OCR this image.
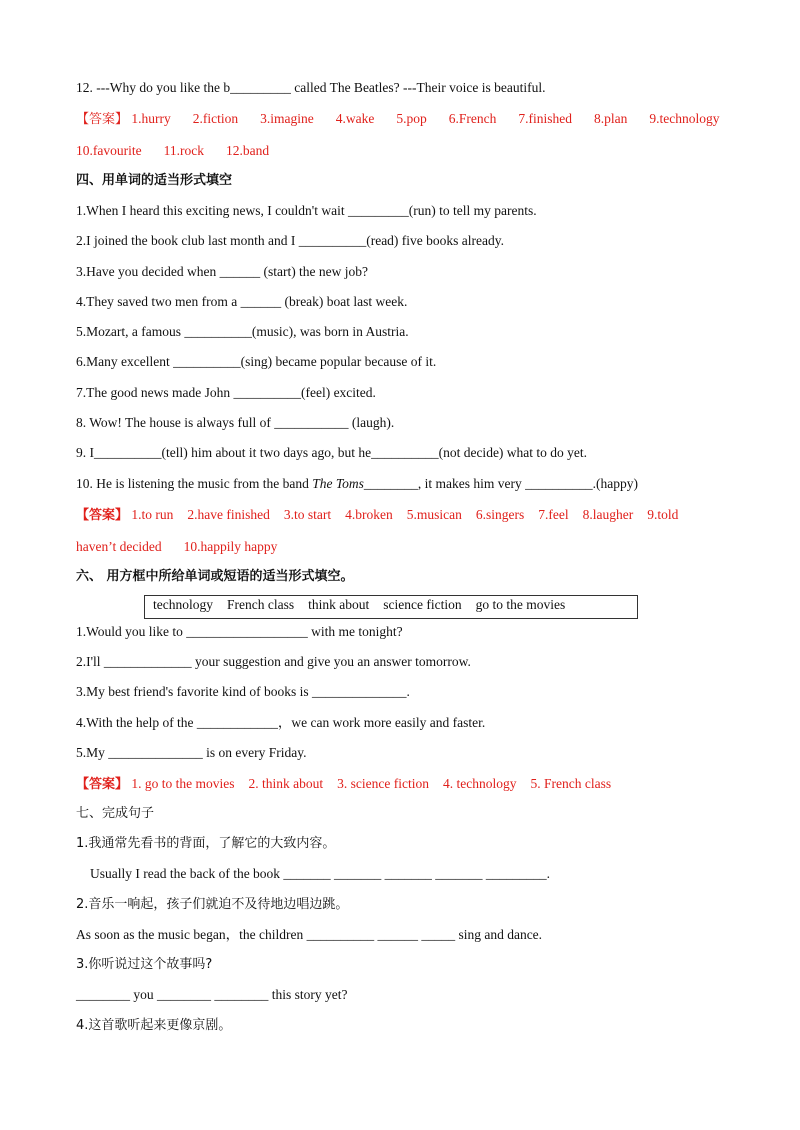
12. ---Why do you like the b_________ called The Beatles? ---Their voice is beautiful.
【答案】 1.hurry 2.fiction 3.imagine 4.wake 5.pop 6.French 7.finished 8.plan 9.technology
10.favourite 11.rock 12.band
四、用单词的适当形式填空
1.When I heard this exciting news, I couldn't wait _________(run) to tell my parents.
2.I joined the book club last month and I __________(read) five books already.
3.Have you decided when ______ (start) the new job?
4.They saved two men from a ______ (break) boat last week.
5.Mozart, a famous __________(music), was born in Austria.
6.Many excellent __________(sing) became popular because of it.
7.The good news made John __________(feel) excited.
8. Wow! The house is always full of ___________ (laugh).
9. I__________(tell) him about it two days ago, but he__________(not decide) what to do yet.
10. He is listening the music from the band The Toms________, it makes him very __________.(happy)
【答案】 1.to run 2.have finished 3.to start 4.broken 5.musican 6.singers 7.feel 8.laugher 9.told
haven’t decided 10.happily happy
六、 用方框中所给单词或短语的适当形式填空。
technology French class think about science fiction go to the movies
1.Would you like to __________________ with me tonight?
2.I'll _____________ your suggestion and give you an answer tomorrow.
3.My best friend's favorite kind of books is ______________.
4.With the help of the ____________，we can work more easily and faster.
5.My ______________ is on every Friday.
【答案】 1. go to the movies 2. think about 3. science fiction 4. technology 5. French class
七、完成句子
1.我通常先看书的背面，了解它的大致内容。
Usually I read the back of the book _______ _______ _______ _______ _________.
2.音乐一响起，孩子们就迫不及待地边唱边跳。
As soon as the music began，the children __________ ______ _____ sing and dance.
3.你听说过这个故事吗?
________ you ________ ________ this story yet?
4.这首歌听起来更像京剧。
